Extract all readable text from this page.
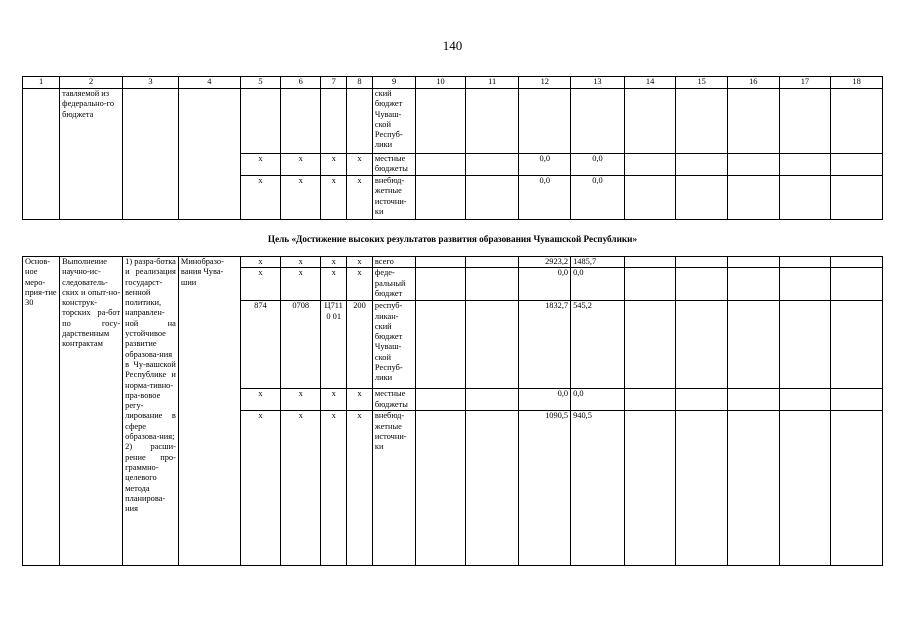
140
1	2	3	4	5	6	7	8	9	10	11	12	13	14	15	16	17	18
	тавляемой из федерально-го бюджета							ский бюджет Чуваш-ской Респуб-лики									
				х	х	х	х	местные бюджеты			0,0	0,0					
				х	х	х	х	внебюд-жетные источни-ки			0,0	0,0					
Цель «Достижение высоких результатов развития образования Чувашской Республики»
Основ-ное меро-прия-тие 30	Выполнение научно-ис-следователь-ских и опыт-но-конструк-торских ра-бот по госу-дарственным контрактам	1) разра-ботка и реализация государст-венной политики, направлен-ной на устойчивое развитие образова-ния в Чу-вашской Республике и норма-тивно-пра-вовое регу-лирование в сфере образова-ния; 2) расши-рение про-граммно-целевого метода планирова-ния	Минобразо-вания Чува-шии	х	х	х	х	всего			2923,2	1485,7					
				х	х	х	х	феде-ральный бюджет			0,0	0,0					
				874	0708	Ц7110 01	200	респуб-ликан-ский бюджет Чуваш-ской Респуб-лики			1832,7	545,2					
				х	х	х	х	местные бюджеты			0,0	0,0					
				х	х	х	х	внебюд-жетные источни-ки			1090,5	940,5					
